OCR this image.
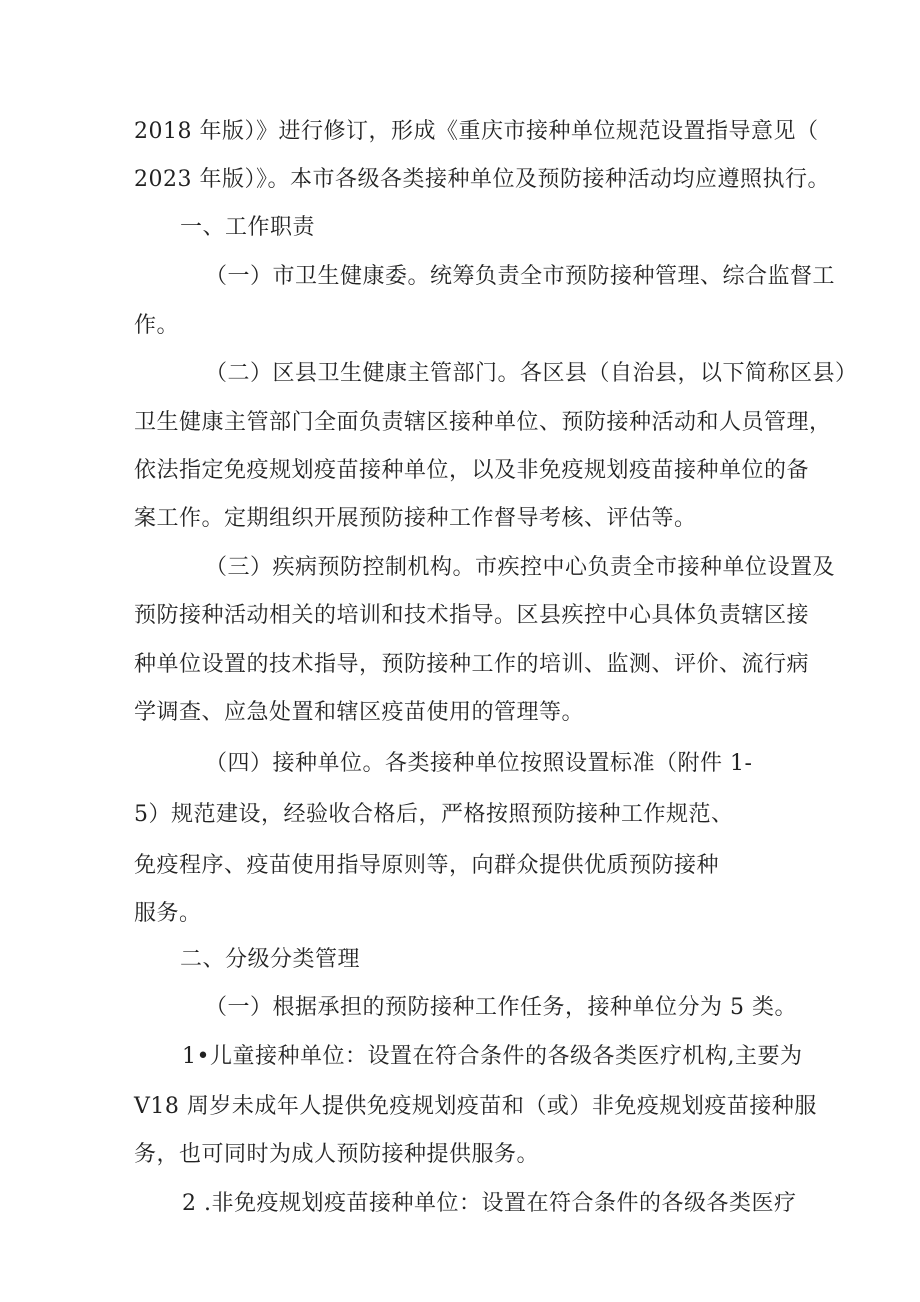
2018 年版）》进行修订，形成《重庆市接种单位规范设置指导意见（
2023 年版）》。本市各级各类接种单位及预防接种活动均应遵照执行。
一、工作职责
（一）市卫生健康委。统筹负责全市预防接种管理、综合监督工
作。
（二）区县卫生健康主管部门。各区县（自治县，以下简称区县）
卫生健康主管部门全面负责辖区接种单位、预防接种活动和人员管理，
依法指定免疫规划疫苗接种单位，以及非免疫规划疫苗接种单位的备
案工作。定期组织开展预防接种工作督导考核、评估等。
（三）疾病预防控制机构。市疾控中心负责全市接种单位设置及
预防接种活动相关的培训和技术指导。区县疾控中心具体负责辖区接
种单位设置的技术指导，预防接种工作的培训、监测、评价、流行病
学调查、应急处置和辖区疫苗使用的管理等。
（四）接种单位。各类接种单位按照设置标准（附件 1-
5）规范建设，经验收合格后，严格按照预防接种工作规范、
免疫程序、疫苗使用指导原则等，向群众提供优质预防接种
服务。
二、分级分类管理
（一）根据承担的预防接种工作任务，接种单位分为 5 类。
1•儿童接种单位：设置在符合条件的各级各类医疗机构,主要为
V18 周岁未成年人提供免疫规划疫苗和（或）非免疫规划疫苗接种服
务，也可同时为成人预防接种提供服务。
2 .非免疫规划疫苗接种单位：设置在符合条件的各级各类医疗
